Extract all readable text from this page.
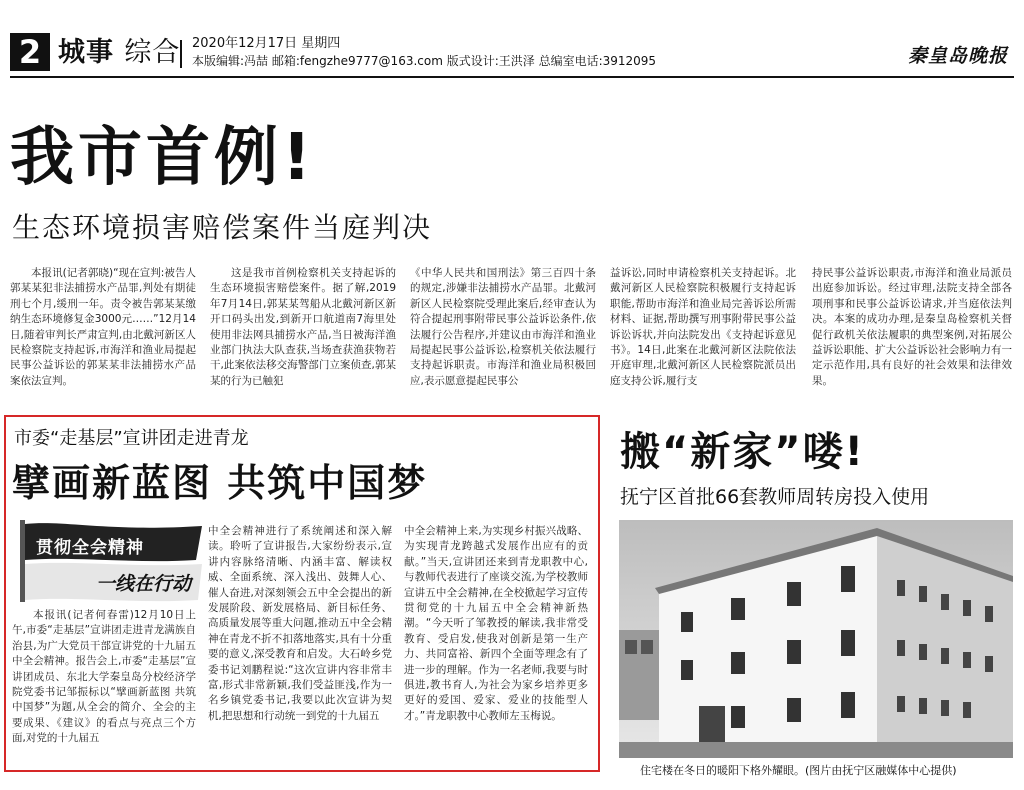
2 城事 综合 2020年12月17日 星期四
本版编辑:冯喆 邮箱:fengzhe9777@163.com 版式设计:王洪泽 总编室电话:3912095	秦皇岛晚报
我市首例!
生态环境损害赔偿案件当庭判决
本报讯(记者郭晓)“现在宣判:被告人郭某某犯非法捕捞水产品罪,判处有期徒刑七个月,缓刑一年。责令被告郭某某缴纳生态环境修复金3000元……”12月14日,随着审判长严肃宣判,由北戴河新区人民检察院支持起诉,市海洋和渔业局提起民事公益诉讼的郭某某非法捕捞水产品案依法宣判。
这是我市首例检察机关支持起诉的生态环境损害赔偿案件。据了解,2019年7月14日,郭某某驾船从北戴河新区新开口码头出发,到新开口航道南7海里处使用非法网具捕捞水产品,当日被海洋渔业部门执法大队查获,当场查获渔获物若干,此案依法移交海警部门立案侦查,郭某某的行为已触犯
《中华人民共和国刑法》第三百四十条的规定,涉嫌非法捕捞水产品罪。北戴河新区人民检察院受理此案后,经审查认为符合提起刑事附带民事公益诉讼条件,依法履行公告程序,并建议由市海洋和渔业局提起民事公益诉讼,检察机关依法履行支持起诉职责。市海洋和渔业局积极回应,表示愿意提起民事公
益诉讼,同时申请检察机关支持起诉。北戴河新区人民检察院积极履行支持起诉职能,帮助市海洋和渔业局完善诉讼所需材料、证据,帮助撰写刑事附带民事公益诉讼诉状,并向法院发出《支持起诉意见书》。14日,此案在北戴河新区法院依法开庭审理,北戴河新区人民检察院派员出庭支持公诉,履行支
持民事公益诉讼职责,市海洋和渔业局派员出庭参加诉讼。经过审理,法院支持全部各项刑事和民事公益诉讼请求,并当庭依法判决。本案的成功办理,是秦皇岛检察机关督促行政机关依法履职的典型案例,对拓展公益诉讼职能、扩大公益诉讼社会影响力有一定示范作用,具有良好的社会效果和法律效果。
市委“走基层”宣讲团走进青龙
擘画新蓝图 共筑中国梦
贯彻全会精神
一线在行动
本报讯(记者何春雷)12月10日上午,市委“走基层”宣讲团走进青龙满族自治县,为广大党员干部宣讲党的十九届五中全会精神。报告会上,市委“走基层”宣讲团成员、东北大学秦皇岛分校经济学院党委书记邹振标以“擘画新蓝图 共筑中国梦”为题,从全会的简介、全会的主要成果、《建议》的看点与亮点三个方面,对党的十九届五
中全会精神进行了系统阐述和深入解读。聆听了宣讲报告,大家纷纷表示,宣讲内容脉络清晰、内涵丰富、解读权威、全面系统、深入浅出、鼓舞人心、催人奋进,对深刻领会五中全会提出的新发展阶段、新发展格局、新目标任务、高质量发展等重大问题,推动五中全会精神在青龙不折不扣落地落实,具有十分重要的意义,深受教育和启发。大石岭乡党委书记刘鹏程说:“这次宣讲内容非常丰富,形式非常新颖,我们受益匪浅,作为一名乡镇党委书记,我要以此次宣讲为契机,把思想和行动统一到党的十九届五
中全会精神上来,为实现乡村振兴战略、为实现青龙跨越式发展作出应有的贡献。”当天,宣讲团还来到青龙职教中心,与教师代表进行了座谈交流,为学校教师宣讲五中全会精神,在全校掀起学习宣传贯彻党的十九届五中全会精神新热潮。“今天听了邹教授的解读,我非常受教育、受启发,使我对创新是第一生产力、共同富裕、新四个全面等理念有了进一步的理解。作为一名老师,我要与时俱进,教书育人,为社会为家乡培养更多更好的爱国、爱家、爱业的技能型人才。”青龙职教中心教师左玉梅说。
搬“新家”喽!
抚宁区首批66套教师周转房投入使用
住宅楼在冬日的暖阳下格外耀眼。(图片由抚宁区融媒体中心提供)
